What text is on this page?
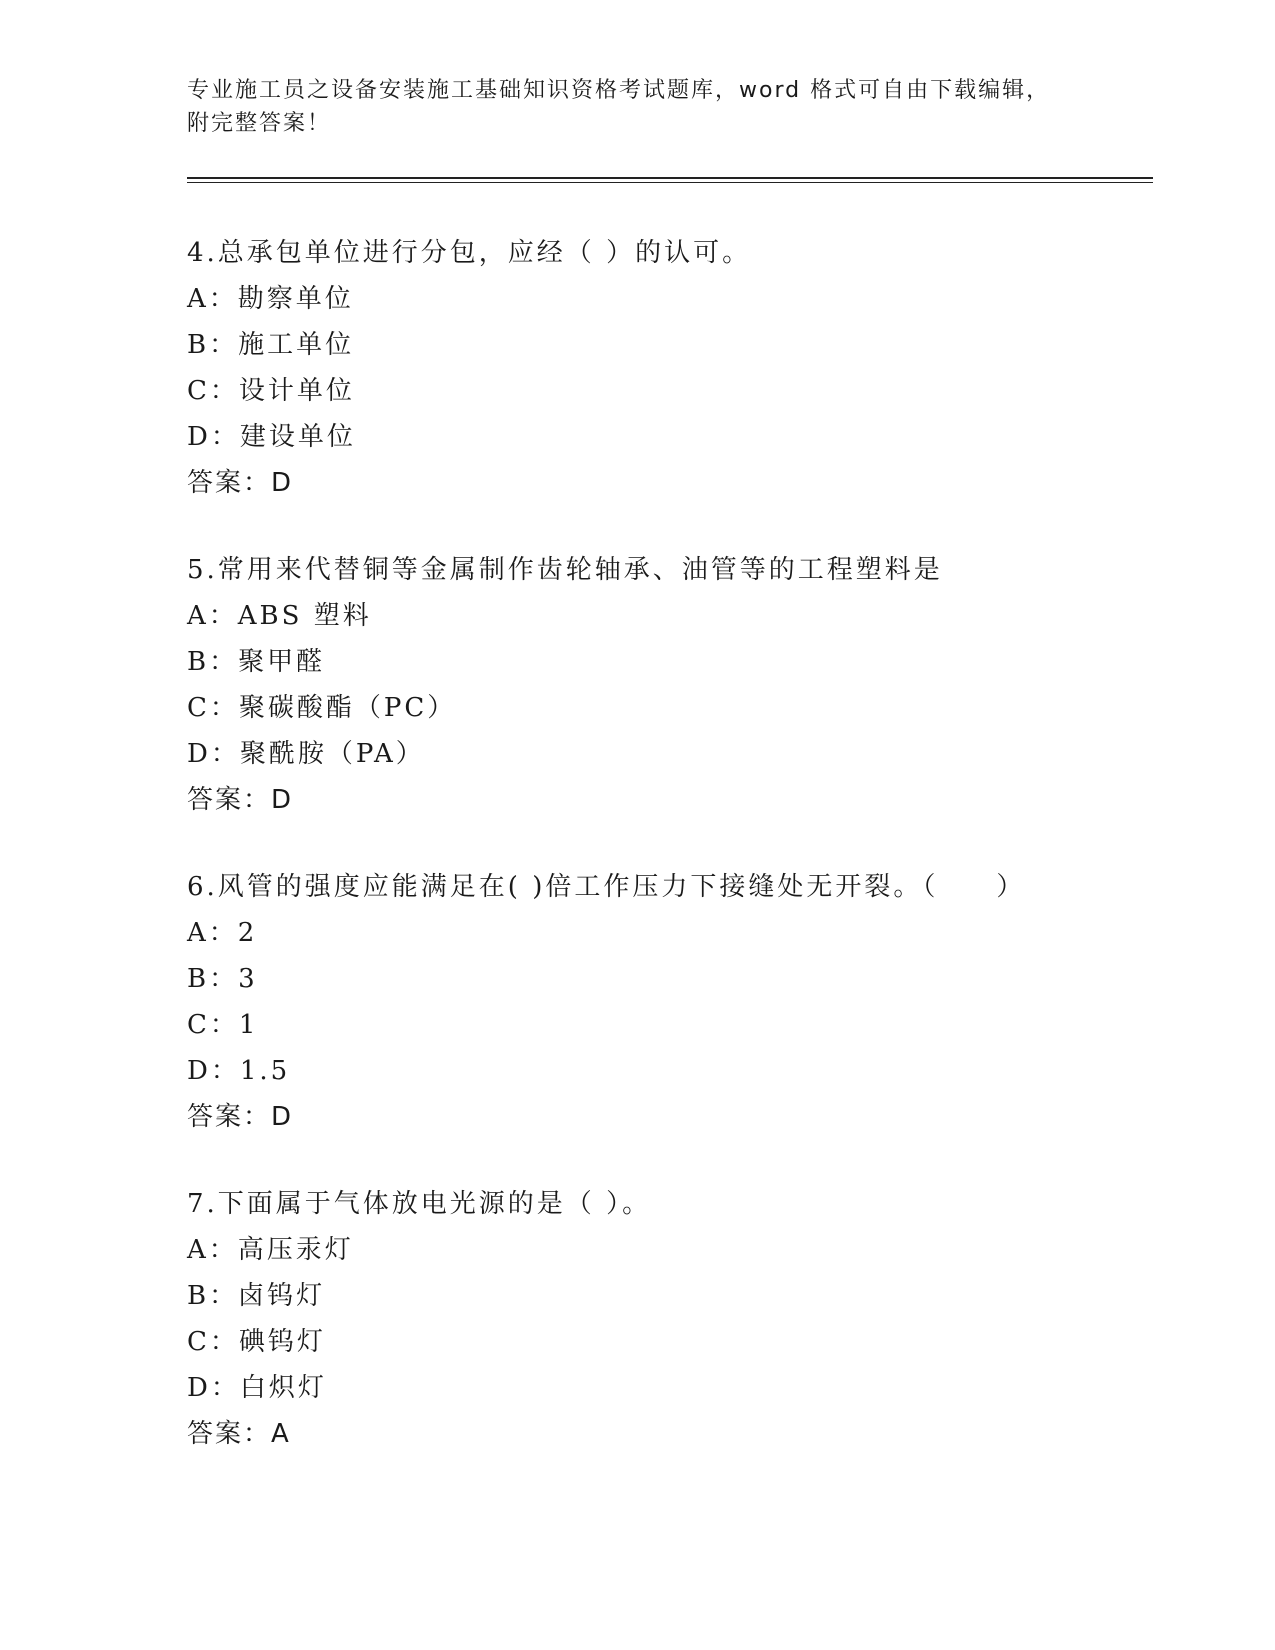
专业施工员之设备安装施工基础知识资格考试题库，word 格式可自由下载编辑，
附完整答案！
4.总承包单位进行分包，应经（ ）的认可。
A：勘察单位
B：施工单位
C：设计单位
D：建设单位
答案：D
5.常用来代替铜等金属制作齿轮轴承、油管等的工程塑料是
A：ABS 塑料
B：聚甲醛
C：聚碳酸酯（PC）
D：聚酰胺（PA）
答案：D
6.风管的强度应能满足在( )倍工作压力下接缝处无开裂。（　　）
A：2
B：3
C：1
D：1.5
答案：D
7.下面属于气体放电光源的是（ ）。
A：高压汞灯
B：卤钨灯
C：碘钨灯
D：白炽灯
答案：A
